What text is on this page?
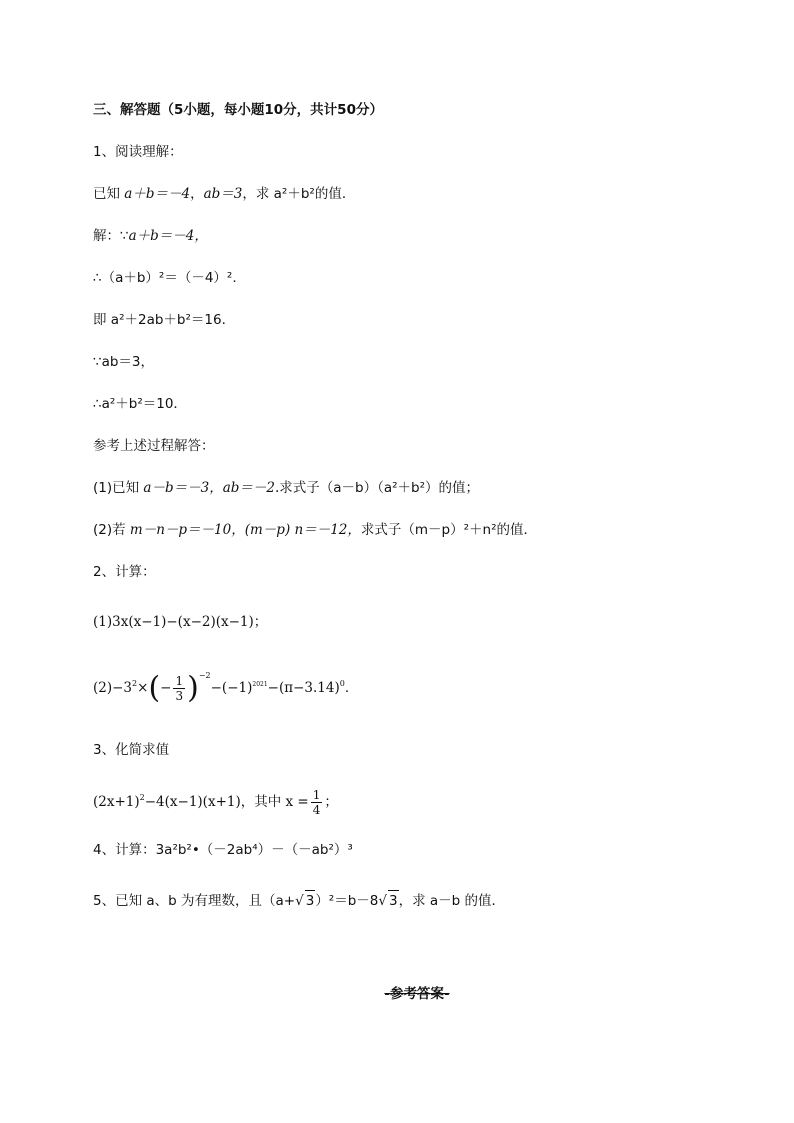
三、解答题（5小题，每小题10分，共计50分）
1、阅读理解：
已知 a＋b＝－4，ab＝3，求 a²＋b²的值．
解：∵a＋b＝－4，
∴（a＋b）²＝（－4）².
即 a²＋2ab＋b²＝16．
∵ab＝3，
∴a²＋b²＝10．
参考上述过程解答：
(1)已知 a－b＝－3，ab＝－2.求式子（a－b）（a²＋b²）的值；
(2)若 m－n－p＝－10，(m－p) n＝－12，求式子（m－p）²＋n²的值．
2、计算：
(1)3x(x−1)−(x−2)(x−1)；
$(2)-3^2\times(- \frac{1}{3} )^{-2}-(-1)^{2021}-(\pi-3.14)^0$．
3、化简求值
$(2x+1)^2-4(x-1)(x+1)$，其中 $x = \frac{1}{4}$ ；
4、计算：3a²b²•（－2ab⁴）－（－ab²）³
5、已知 a、b 为有理数，且（a+√ 3）²＝b－8√ 3，求 a－b 的值．
-参考答案-
